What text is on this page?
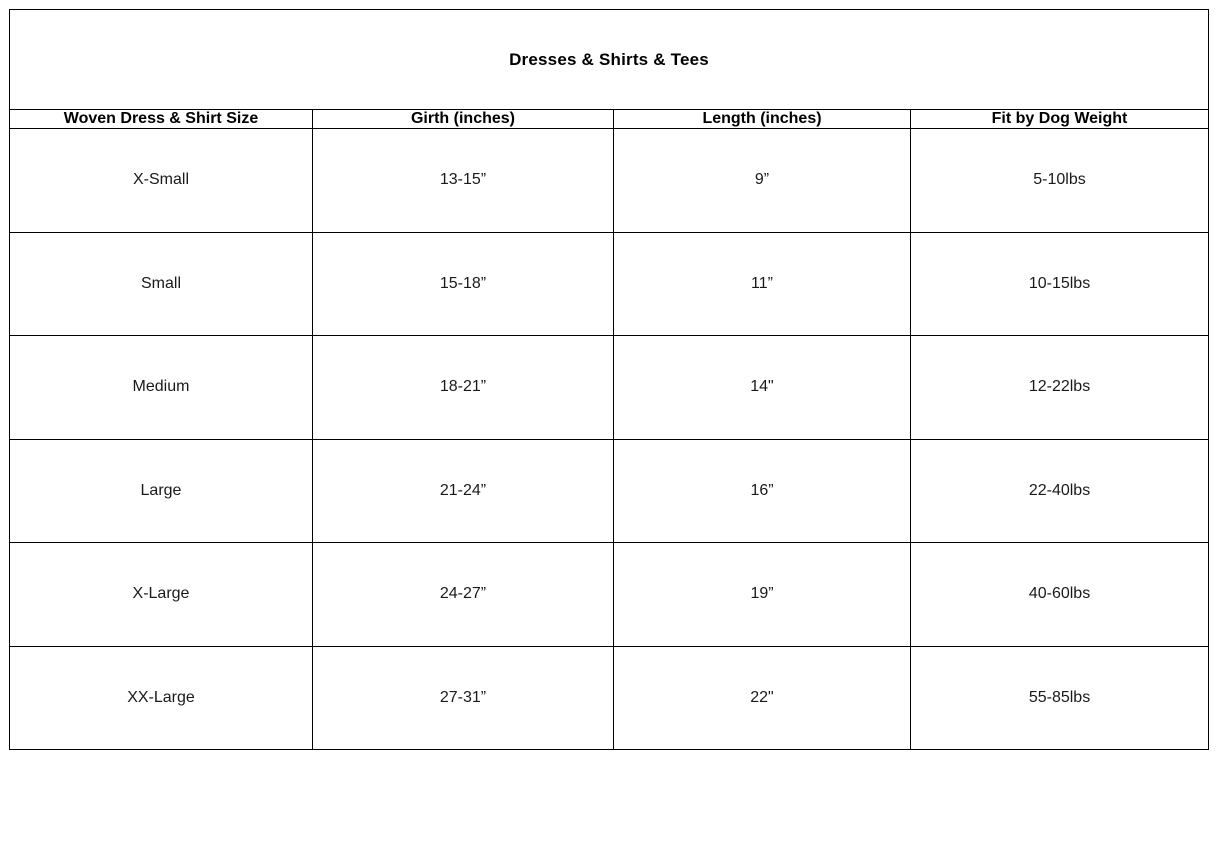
Dresses & Shirts & Tees			
Woven Dress & Shirt Size	Girth (inches)	Length (inches)	Fit by Dog Weight
X-Small	13-15”	9”	5-10lbs
Small	15-18”	11”	10-15lbs
Medium	18-21”	14"	12-22lbs
Large	21-24”	16”	22-40lbs
X-Large	24-27”	19”	40-60lbs
XX-Large	27-31”	22"	55-85lbs
